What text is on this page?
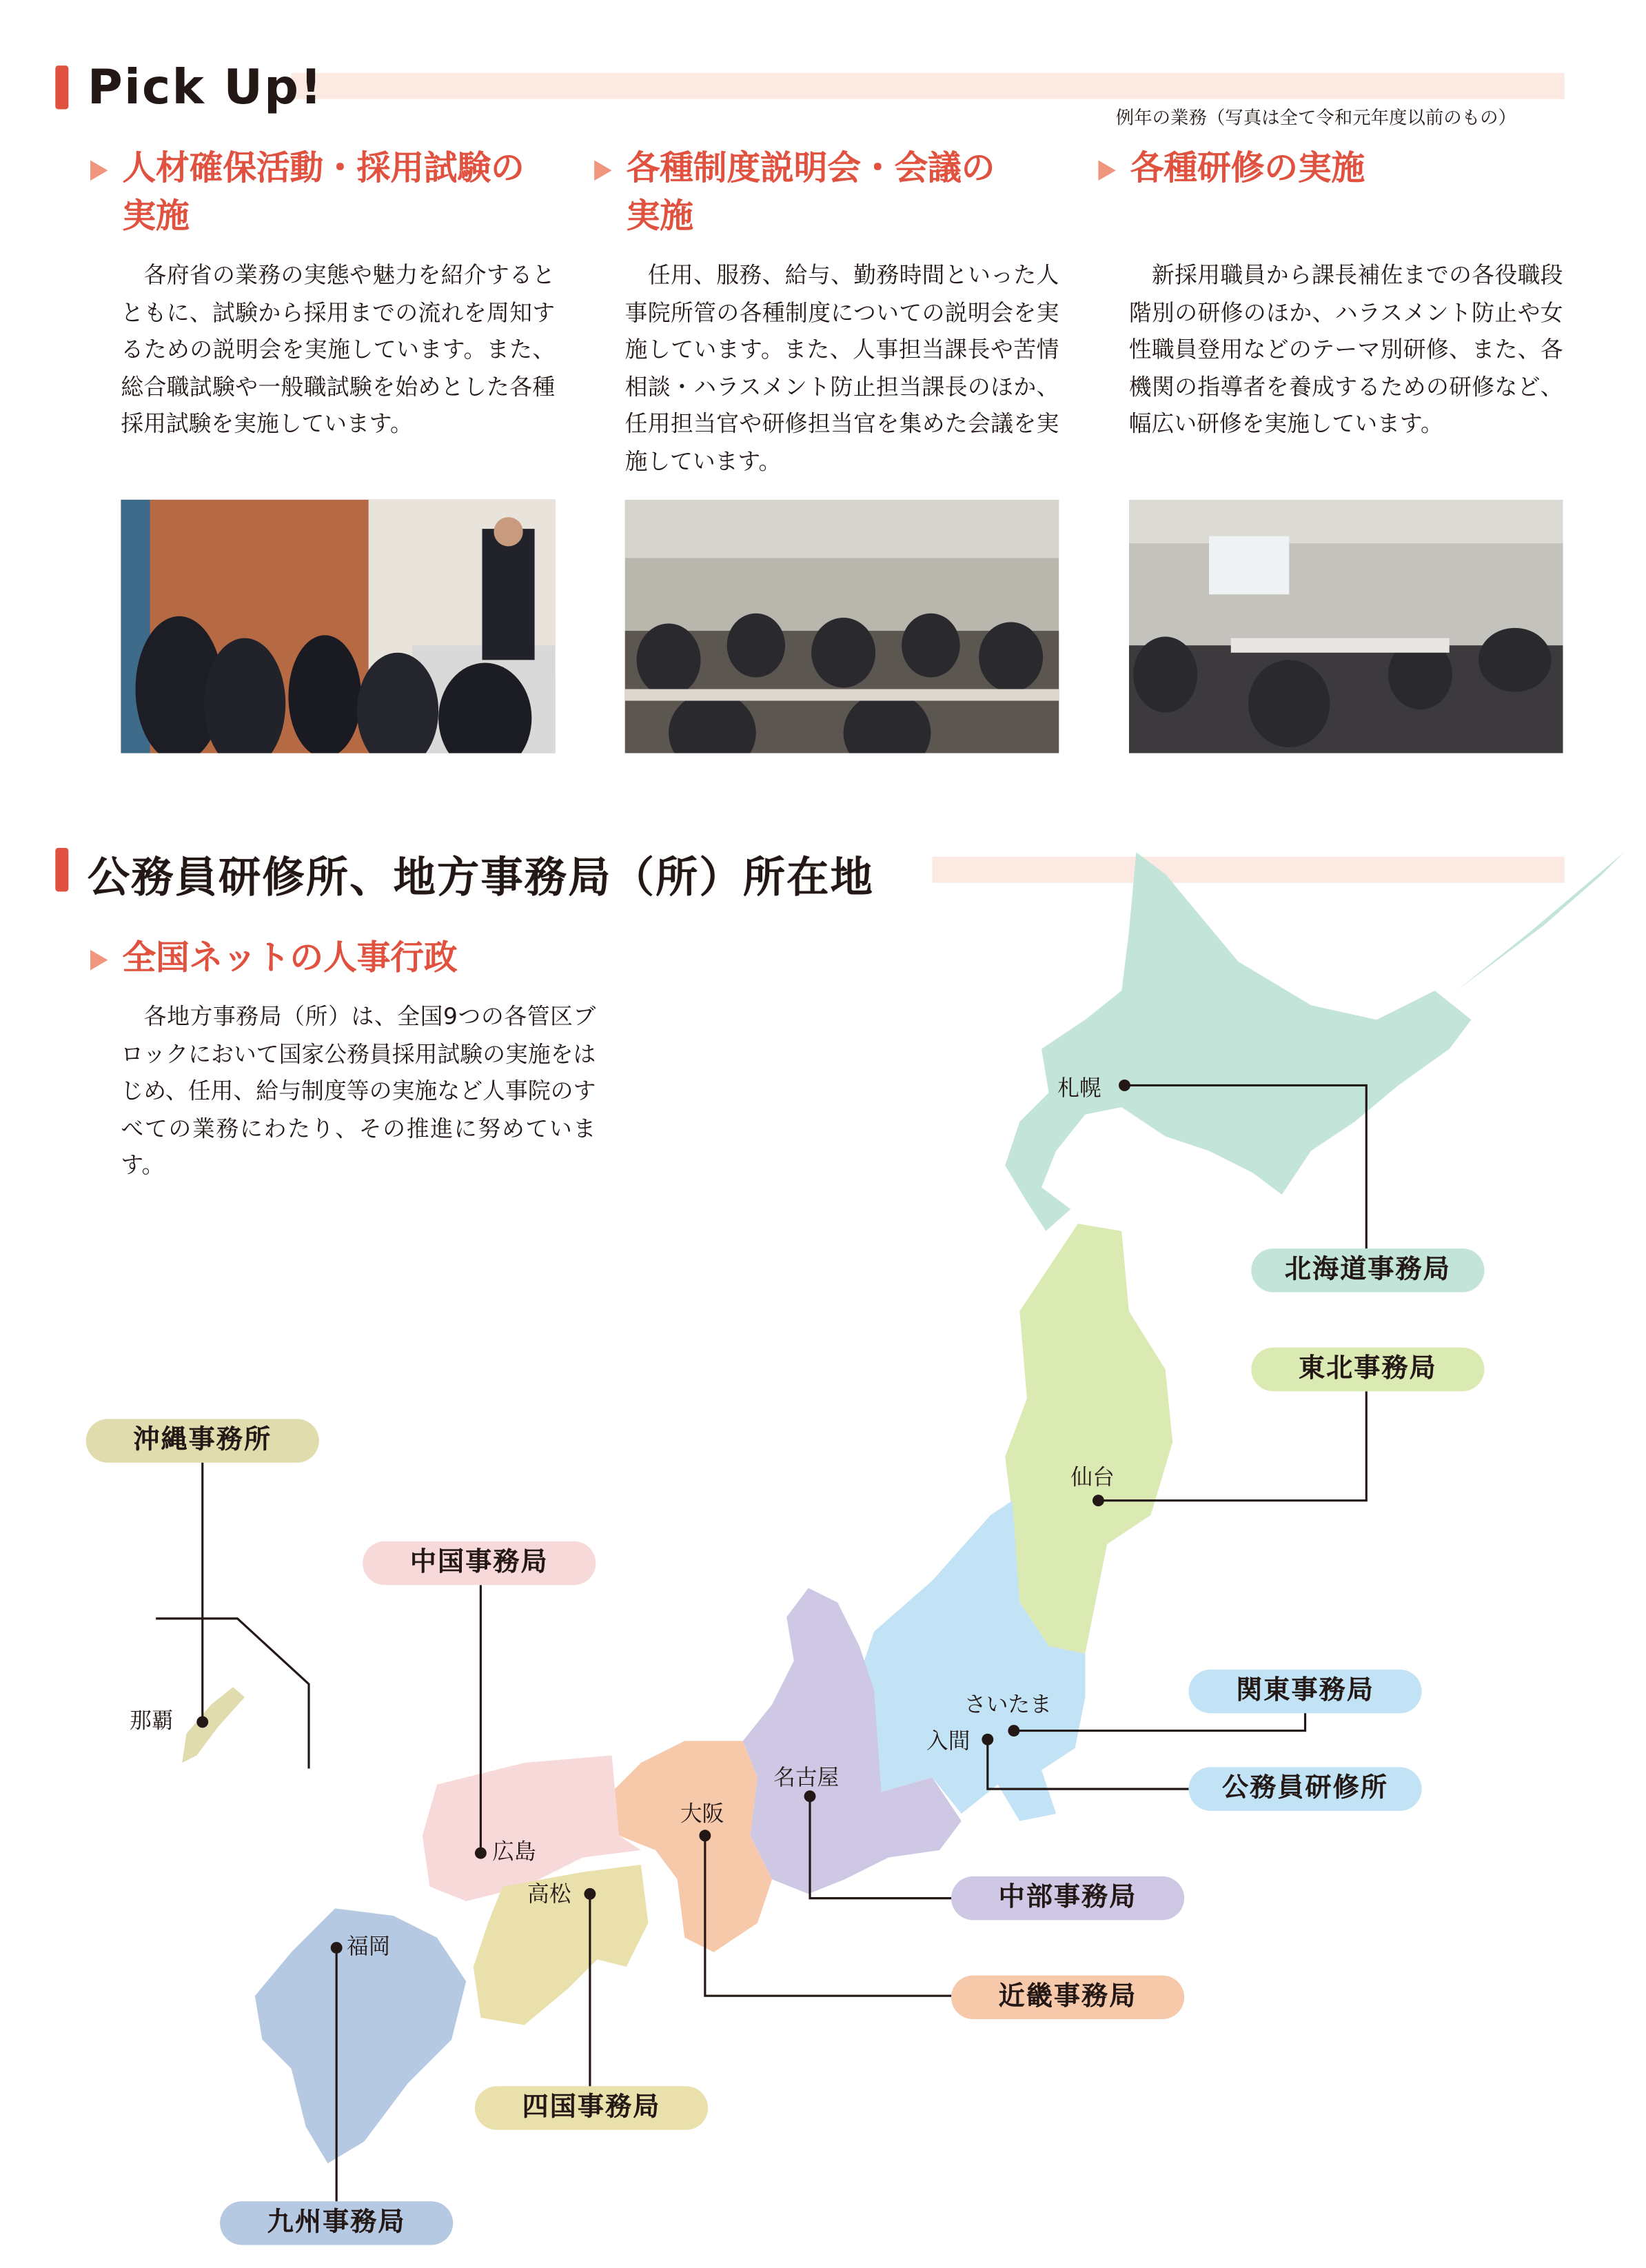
Pick Up!
例年の業務（写真は全て令和元年度以前のもの）
人材確保活動・採用試験の
実施
　各府省の業務の実態や魅力を紹介するとともに、試験から採用までの流れを周知するための説明会を実施しています。また、総合職試験や一般職試験を始めとした各種採用試験を実施しています。
各種制度説明会・会議の
実施
　任用、服務、給与、勤務時間といった人事院所管の各種制度についての説明会を実施しています。また、人事担当課長や苦情相談・ハラスメント防止担当課長のほか、任用担当官や研修担当官を集めた会議を実施しています。
各種研修の実施
　新採用職員から課長補佐までの各役職段階別の研修のほか、ハラスメント防止や女性職員登用などのテーマ別研修、また、各機関の指導者を養成するための研修など、幅広い研修を実施しています。
公務員研修所、地方事務局（所）所在地
全国ネットの人事行政
　各地方事務局（所）は、全国9つの各管区ブロックにおいて国家公務員採用試験の実施をはじめ、任用、給与制度等の実施など人事院のすべての業務にわたり、その推進に努めています。
北海道事務局
東北事務局
関東事務局
公務員研修所
中部事務局
近畿事務局
中国事務局
四国事務局
九州事務局
沖縄事務所
札幌
仙台
さいたま
入間
名古屋
大阪
広島
高松
福岡
那覇
